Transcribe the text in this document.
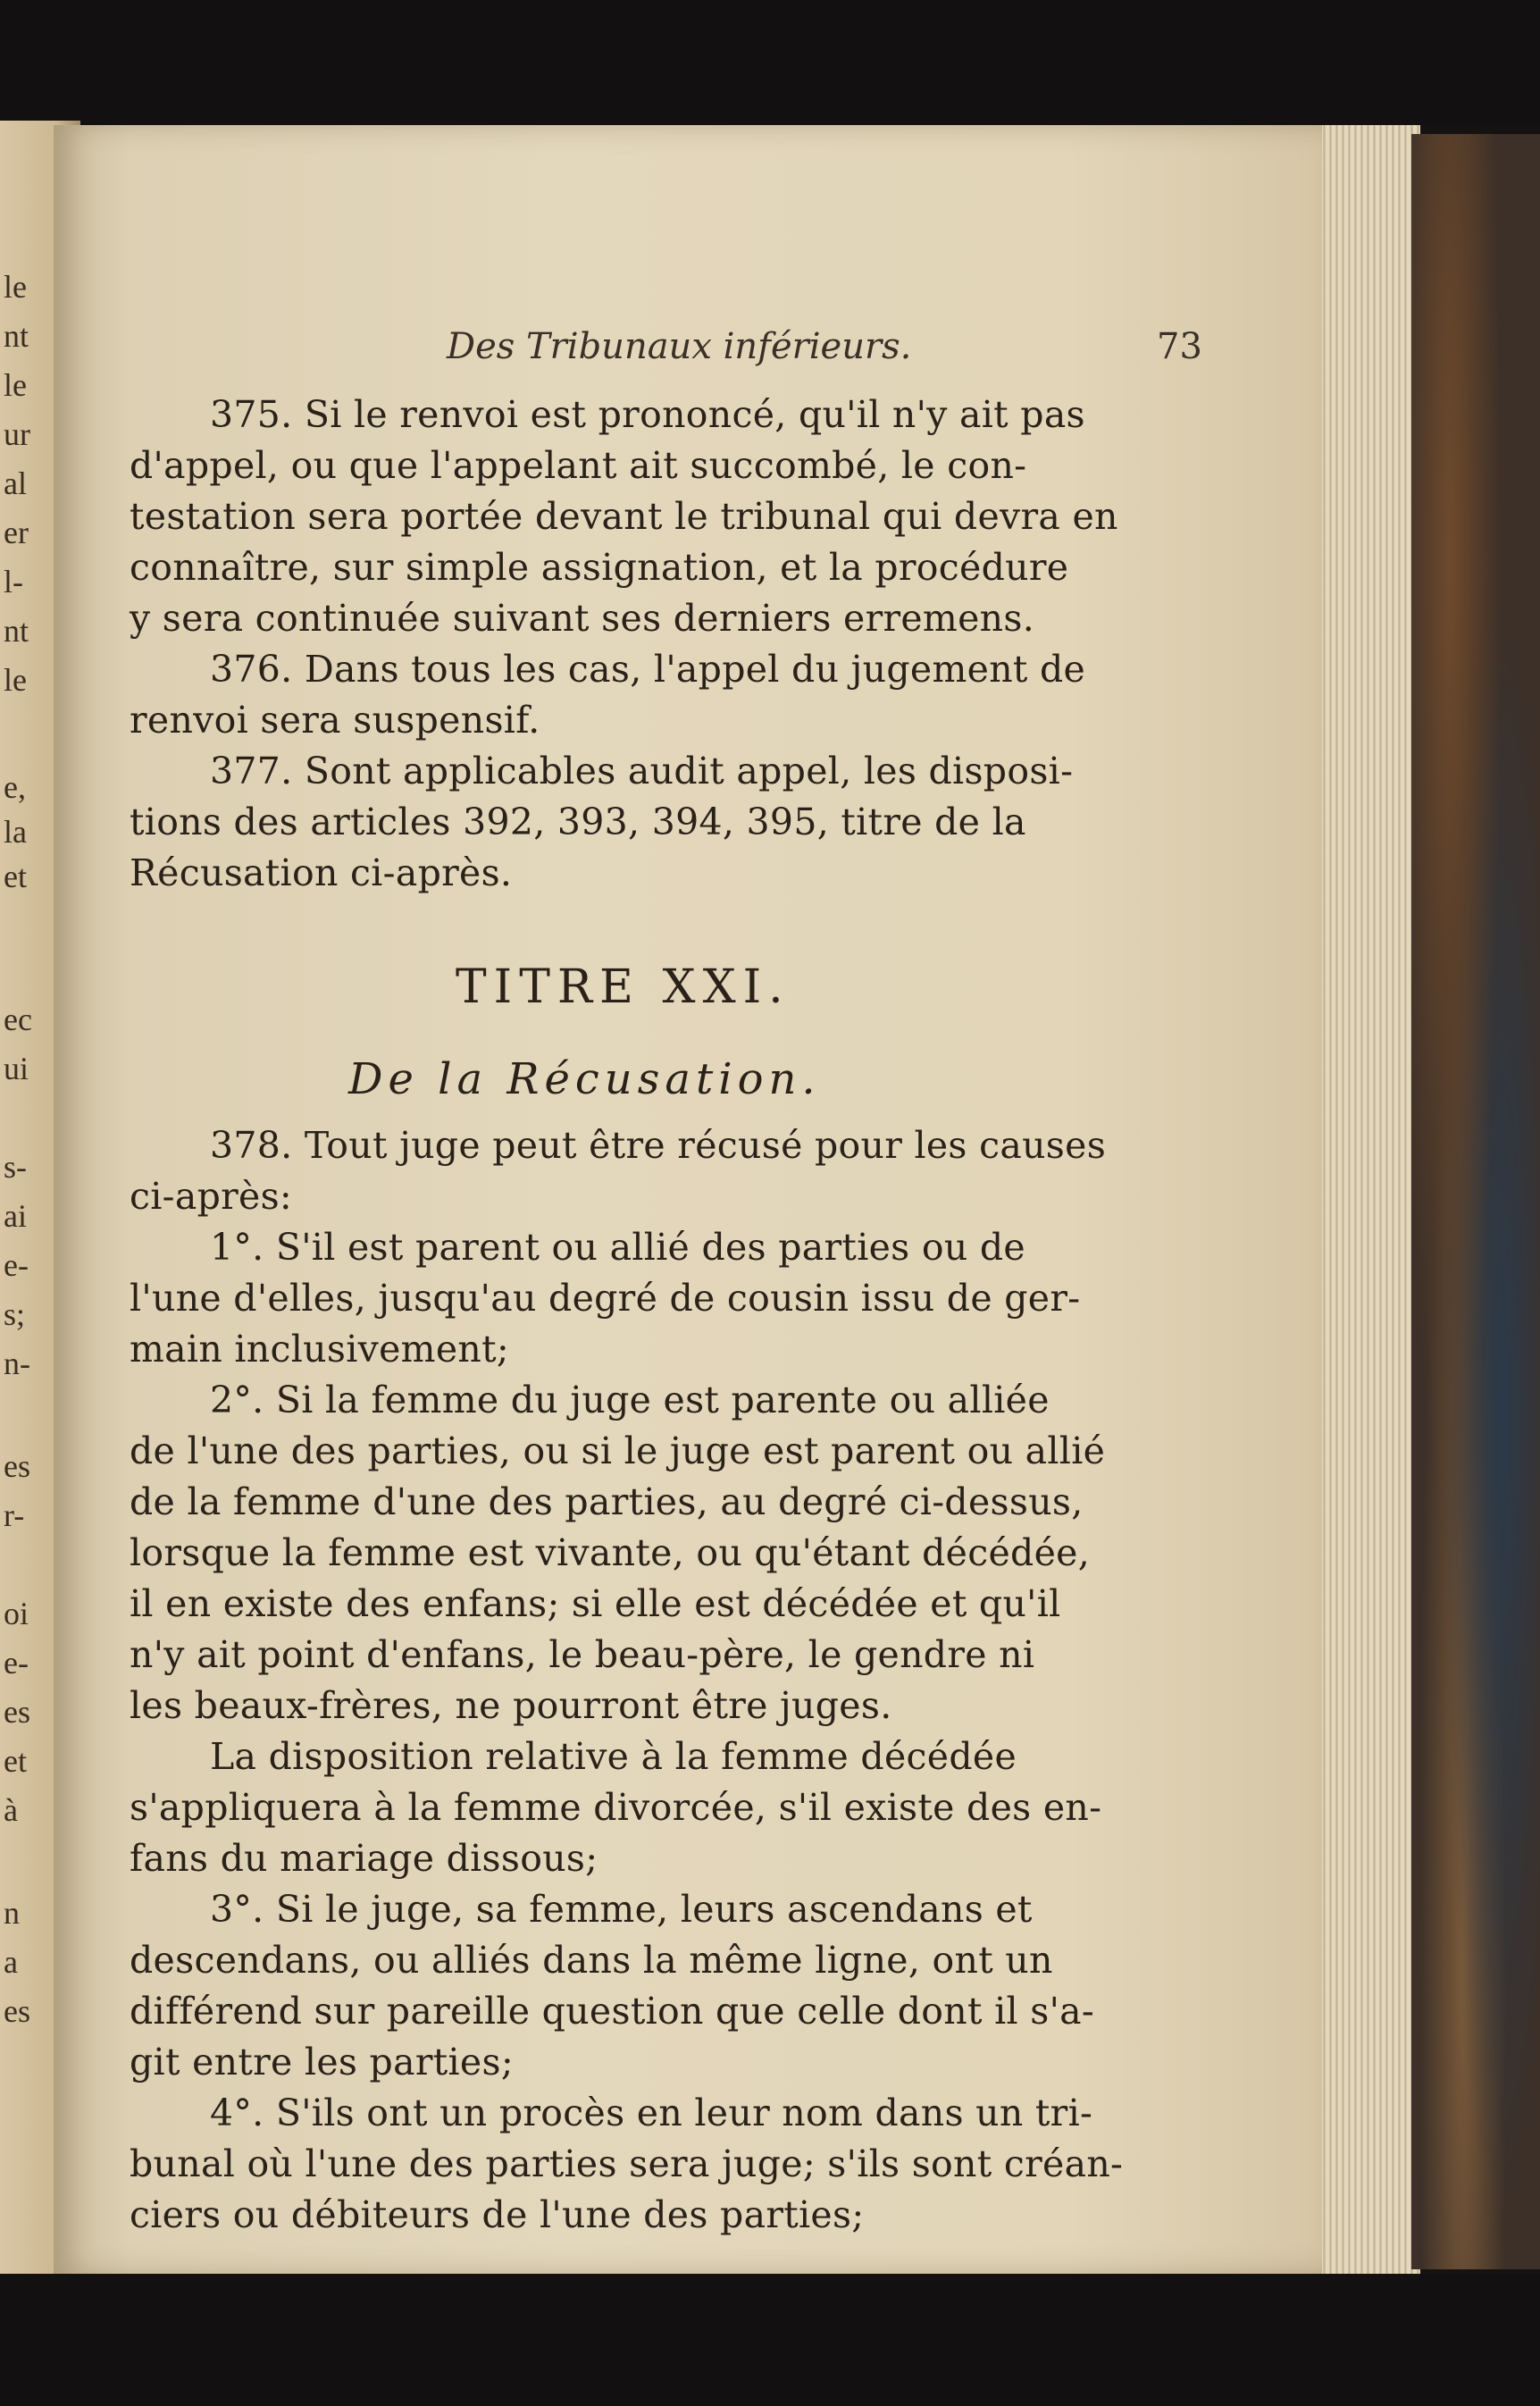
le
nt
le
ur
al
er
l-
nt
le
e,
la
et
ec
ui
s-
ai
e-
s;
n-
es
r-
oi
e-
es
et
à
n
a
es
Des Tribunaux inférieurs.	73
375. Si le renvoi est prononcé, qu'il n'y ait pas
d'appel, ou que l'appelant ait succombé, le con-
testation sera portée devant le tribunal qui devra en
connaître, sur simple assignation, et la procédure
y sera continuée suivant ses derniers erremens.
376. Dans tous les cas, l'appel du jugement de
renvoi sera suspensif.
377. Sont applicables audit appel, les disposi-
tions des articles 392, 393, 394, 395, titre de la
Récusation ci-après.
TITRE XXI.
De la Récusation.
378. Tout juge peut être récusé pour les causes
ci-après:
1°. S'il est parent ou allié des parties ou de
l'une d'elles, jusqu'au degré de cousin issu de ger-
main inclusivement;
2°. Si la femme du juge est parente ou alliée
de l'une des parties, ou si le juge est parent ou allié
de la femme d'une des parties, au degré ci-dessus,
lorsque la femme est vivante, ou qu'étant décédée,
il en existe des enfans; si elle est décédée et qu'il
n'y ait point d'enfans, le beau-père, le gendre ni
les beaux-frères, ne pourront être juges.
La disposition relative à la femme décédée
s'appliquera à la femme divorcée, s'il existe des en-
fans du mariage dissous;
3°. Si le juge, sa femme, leurs ascendans et
descendans, ou alliés dans la même ligne, ont un
différend sur pareille question que celle dont il s'a-
git entre les parties;
4°. S'ils ont un procès en leur nom dans un tri-
bunal où l'une des parties sera juge; s'ils sont créan-
ciers ou débiteurs de l'une des parties;
